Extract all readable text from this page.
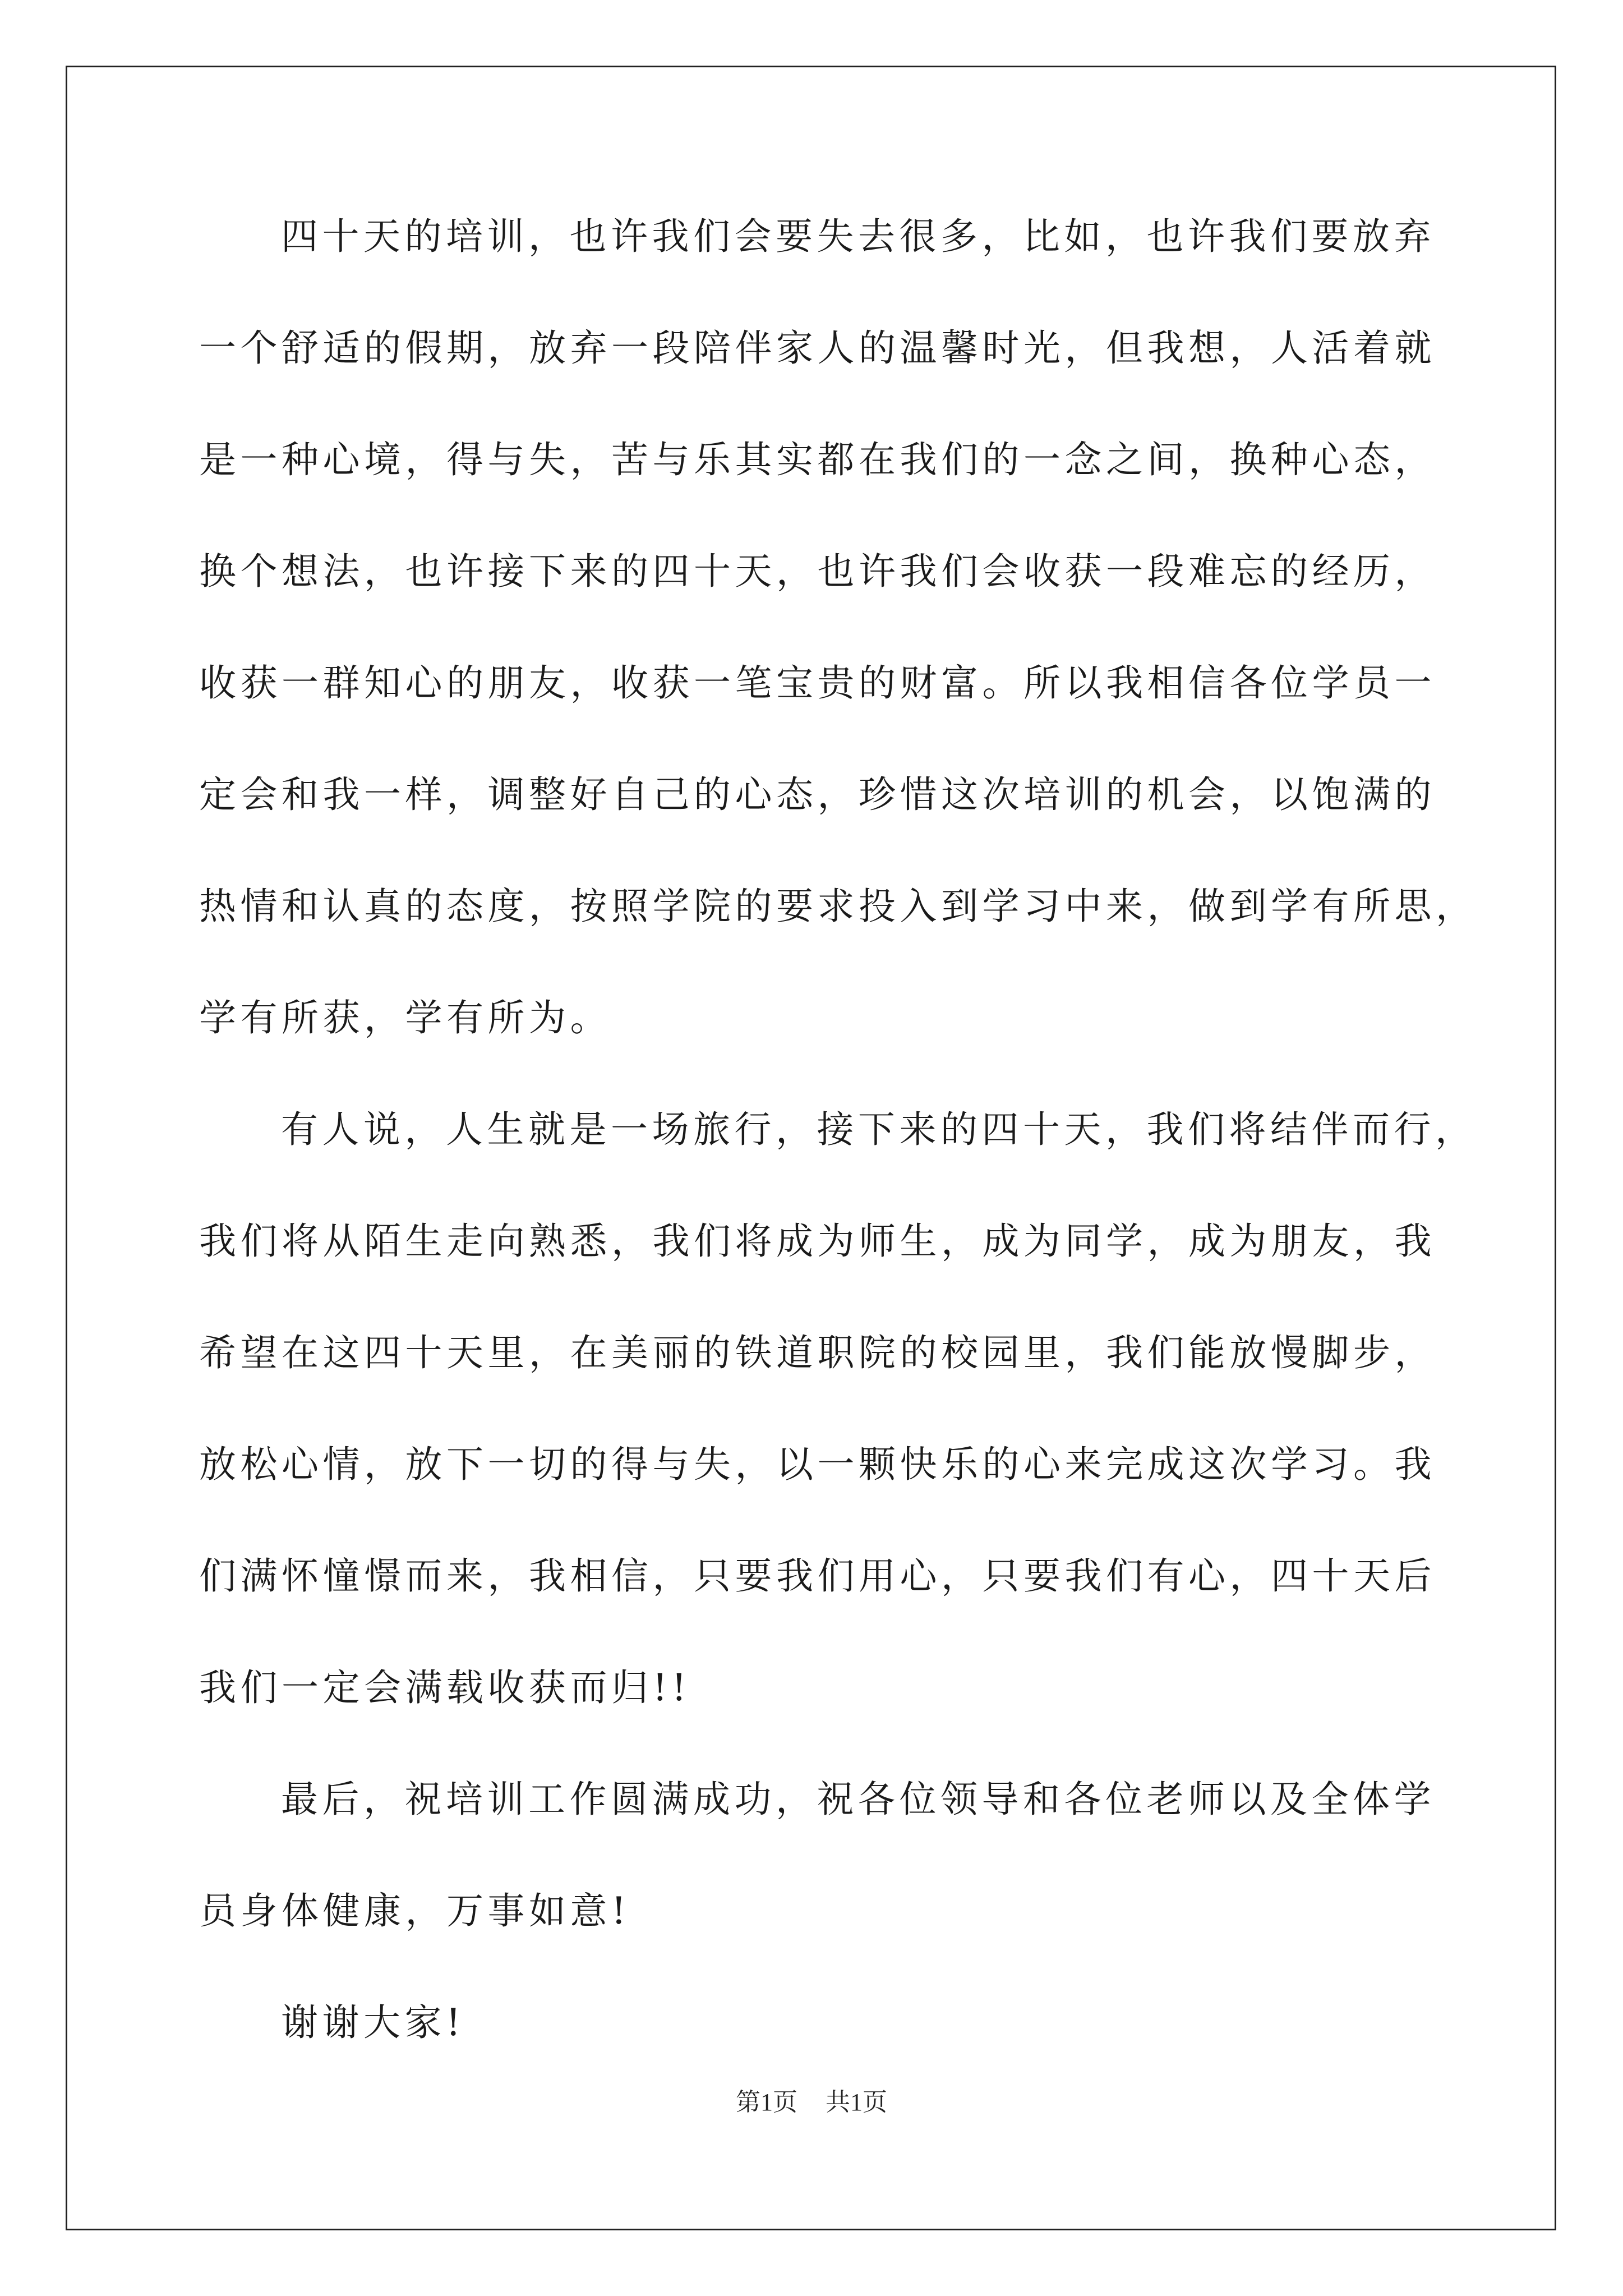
四十天的培训，也许我们会要失去很多，比如，也许我们要放弃
一个舒适的假期，放弃一段陪伴家人的温馨时光，但我想，人活着就
是一种心境，得与失，苦与乐其实都在我们的一念之间，换种心态，
换个想法，也许接下来的四十天，也许我们会收获一段难忘的经历，
收获一群知心的朋友，收获一笔宝贵的财富。所以我相信各位学员一
定会和我一样，调整好自己的心态，珍惜这次培训的机会，以饱满的
热情和认真的态度，按照学院的要求投入到学习中来，做到学有所思，
学有所获，学有所为。
有人说，人生就是一场旅行，接下来的四十天，我们将结伴而行，
我们将从陌生走向熟悉，我们将成为师生，成为同学，成为朋友，我
希望在这四十天里，在美丽的铁道职院的校园里，我们能放慢脚步，
放松心情，放下一切的得与失，以一颗快乐的心来完成这次学习。我
们满怀憧憬而来，我相信，只要我们用心，只要我们有心，四十天后
我们一定会满载收获而归!!
最后，祝培训工作圆满成功，祝各位领导和各位老师以及全体学
员身体健康，万事如意!
谢谢大家!
第1页 共1页
